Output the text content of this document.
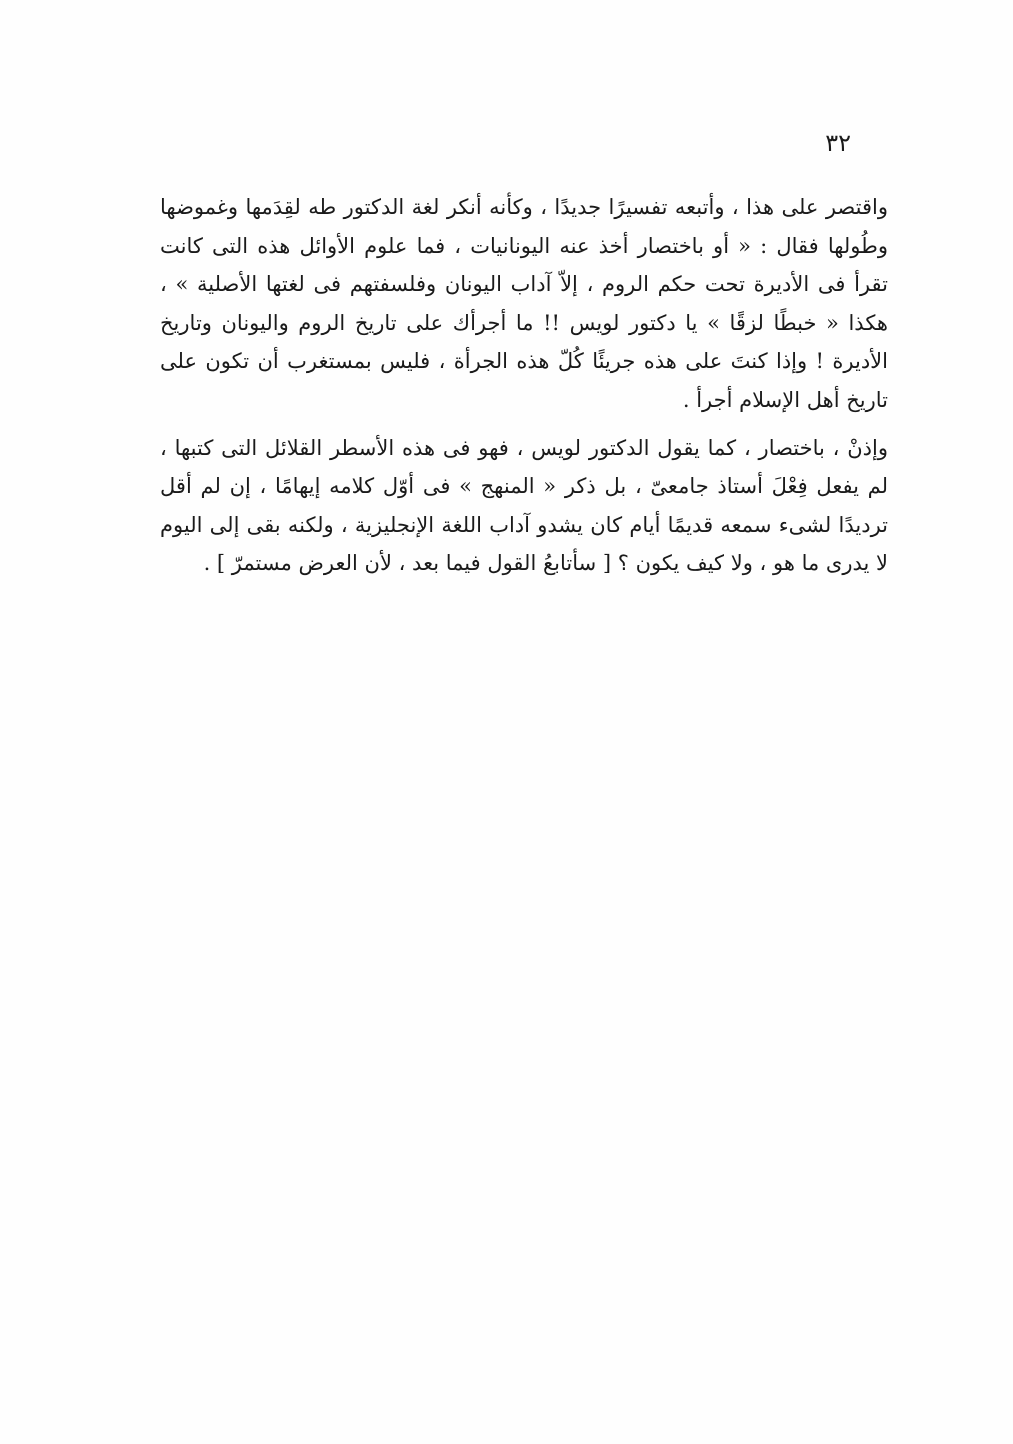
٣٢

واقتصر على هذا ، وأتبعه تفسيرًا جديدًا ، وكأنه أنكر لغة الدكتور طه لقِدَمها وغموضها وطُولها فقال : « أو باختصار أخذ عنه اليونانيات ، فما علوم الأوائل هذه التى كانت تقرأ فى الأديرة تحت حكم الروم ، إلاّ آداب اليونان وفلسفتهم فى لغتها الأصلية » ، هكذا « خبطًا لزقًا » يا دكتور لويس !! ما أجرأك على تاريخ الروم واليونان وتاريخ الأديرة ! وإذا كنتَ على هذه جريئًا كُلّ هذه الجرأة ، فليس بمستغرب أن تكون على تاريخ أهل الإسلام أجرأ .

وإذنْ ، باختصار ، كما يقول الدكتور لويس ، فهو فى هذه الأسطر القلائل التى كتبها ، لم يفعل فِعْلَ أستاذ جامعىّ ، بل ذكر « المنهج » فى أوّل كلامه إيهامًا ، إن لم أقل ترديدًا لشىء سمعه قديمًا أيام كان يشدو آداب اللغة الإنجليزية ، ولكنه بقى إلى اليوم لا يدرى ما هو ، ولا كيف يكون ؟ [ سأتابعُ القول فيما بعد ، لأن العرض مستمرّ ] .
